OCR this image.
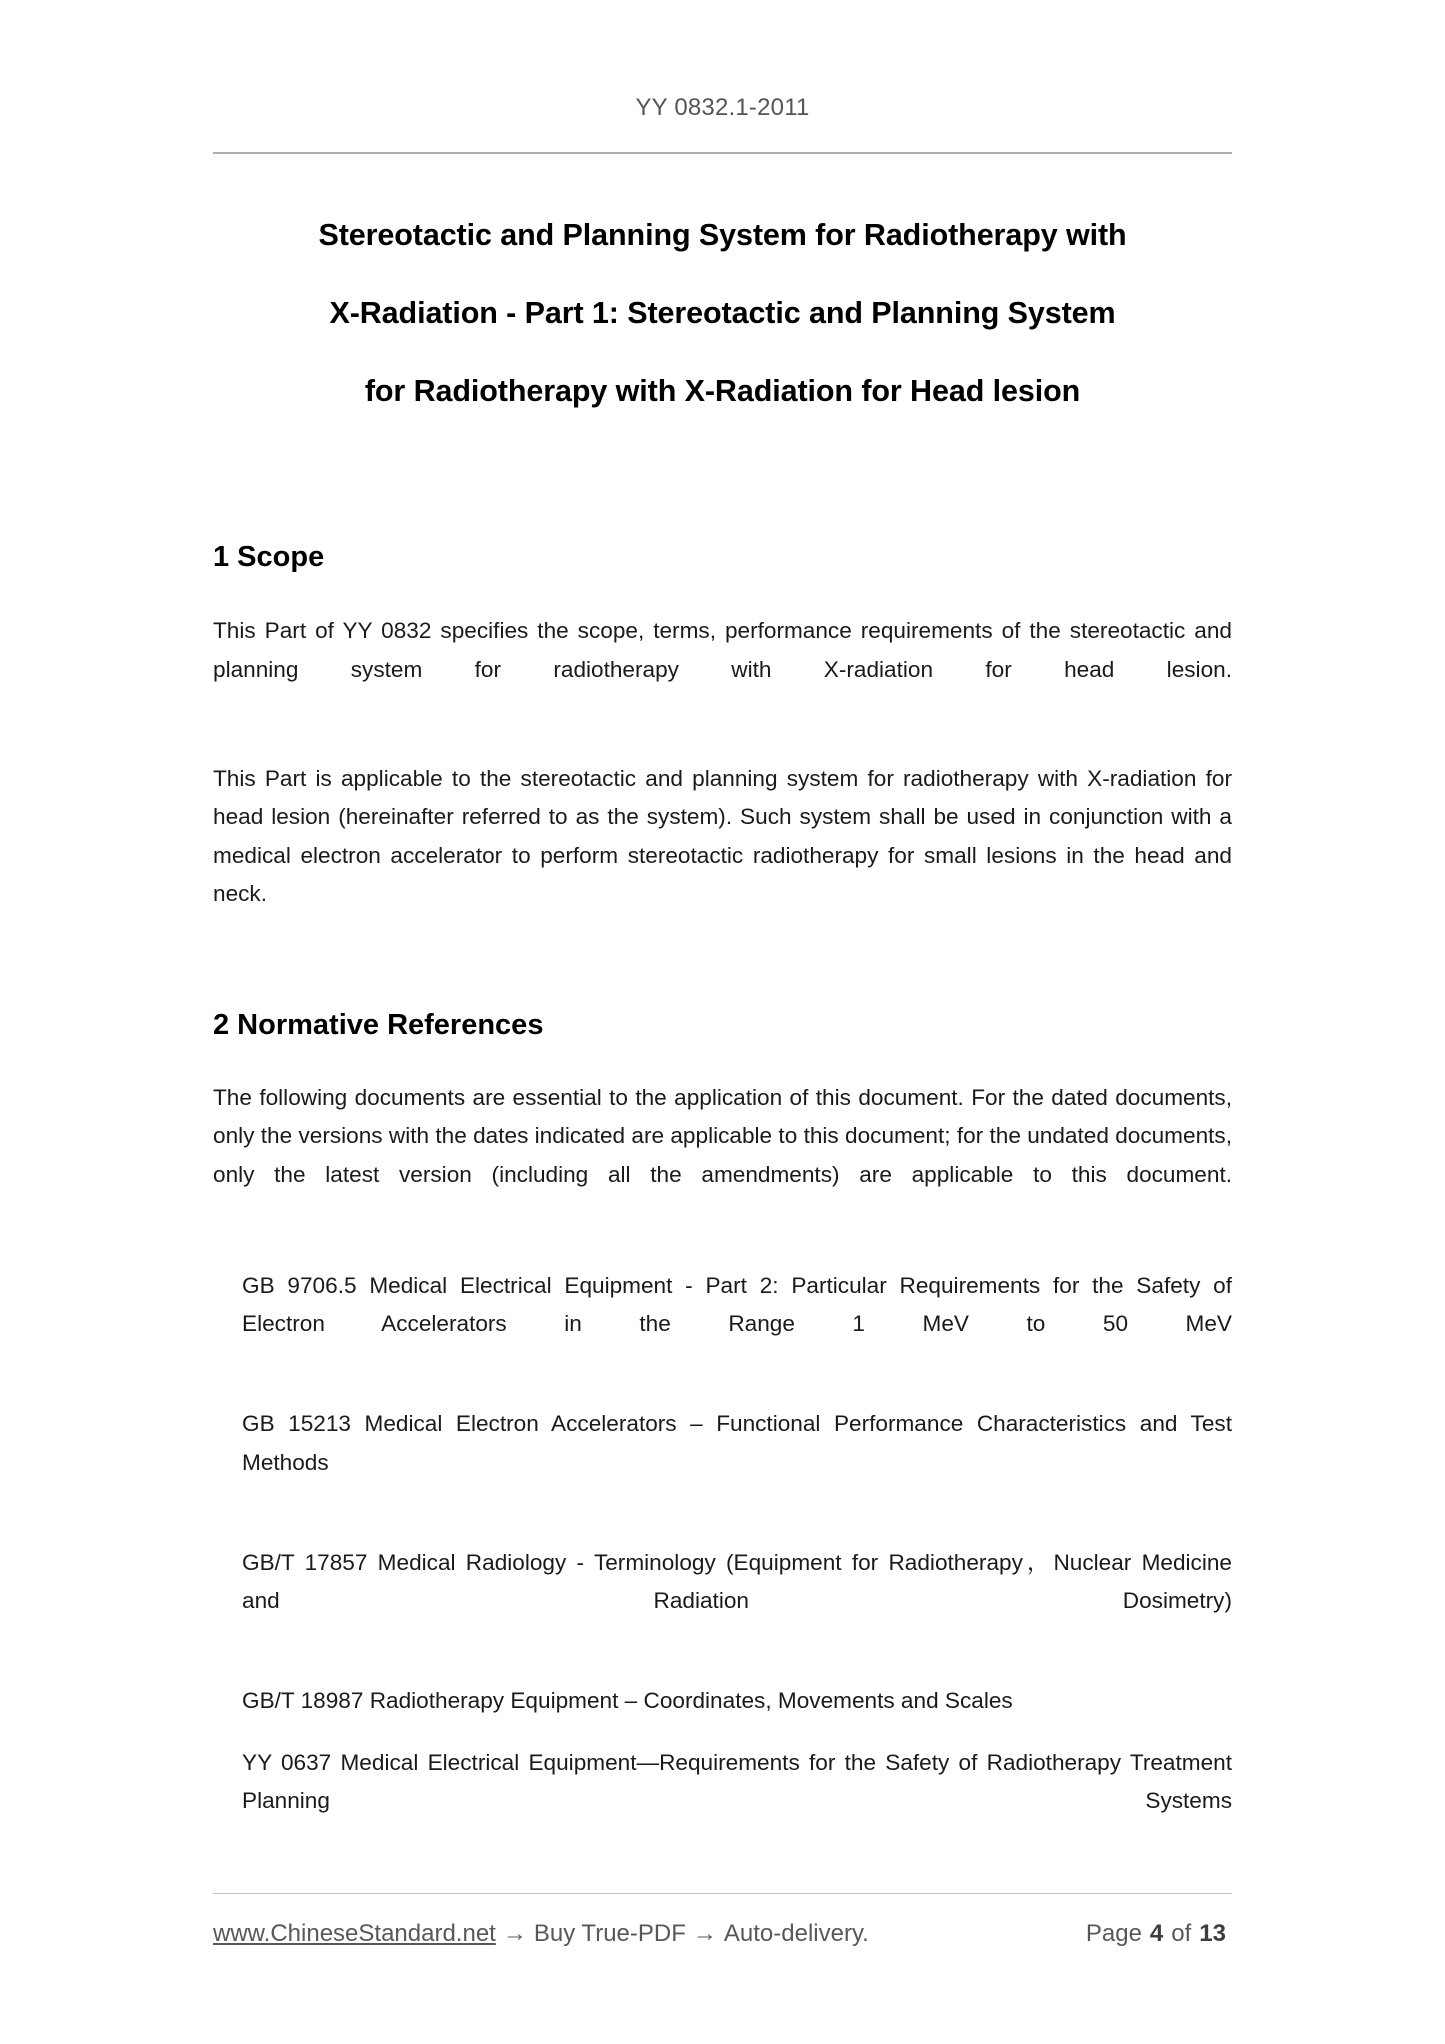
YY 0832.1-2011
Stereotactic and Planning System for Radiotherapy with
X-Radiation - Part 1: Stereotactic and Planning System
for Radiotherapy with X-Radiation for Head lesion
1 Scope

This Part of YY 0832 specifies the scope, terms, performance requirements of the stereotactic and planning system for radiotherapy with X-radiation for head lesion.

This Part is applicable to the stereotactic and planning system for radiotherapy with X-radiation for head lesion (hereinafter referred to as the system). Such system shall be used in conjunction with a medical electron accelerator to perform stereotactic radiotherapy for small lesions in the head and neck.

2 Normative References

The following documents are essential to the application of this document. For the dated documents, only the versions with the dates indicated are applicable to this document; for the undated documents, only the latest version (including all the amendments) are applicable to this document.

GB 9706.5 Medical Electrical Equipment - Part 2: Particular Requirements for the Safety of Electron Accelerators in the Range 1 MeV to 50 MeV

GB 15213 Medical Electron Accelerators – Functional Performance Characteristics and Test Methods

GB/T 17857 Medical Radiology - Terminology (Equipment for Radiotherapy，Nuclear Medicine and Radiation Dosimetry)

GB/T 18987 Radiotherapy Equipment – Coordinates, Movements and Scales

YY 0637 Medical Electrical Equipment—Requirements for the Safety of Radiotherapy Treatment Planning Systems

www.ChineseStandard.net → Buy True-PDF → Auto-delivery.	Page 4 of 13
